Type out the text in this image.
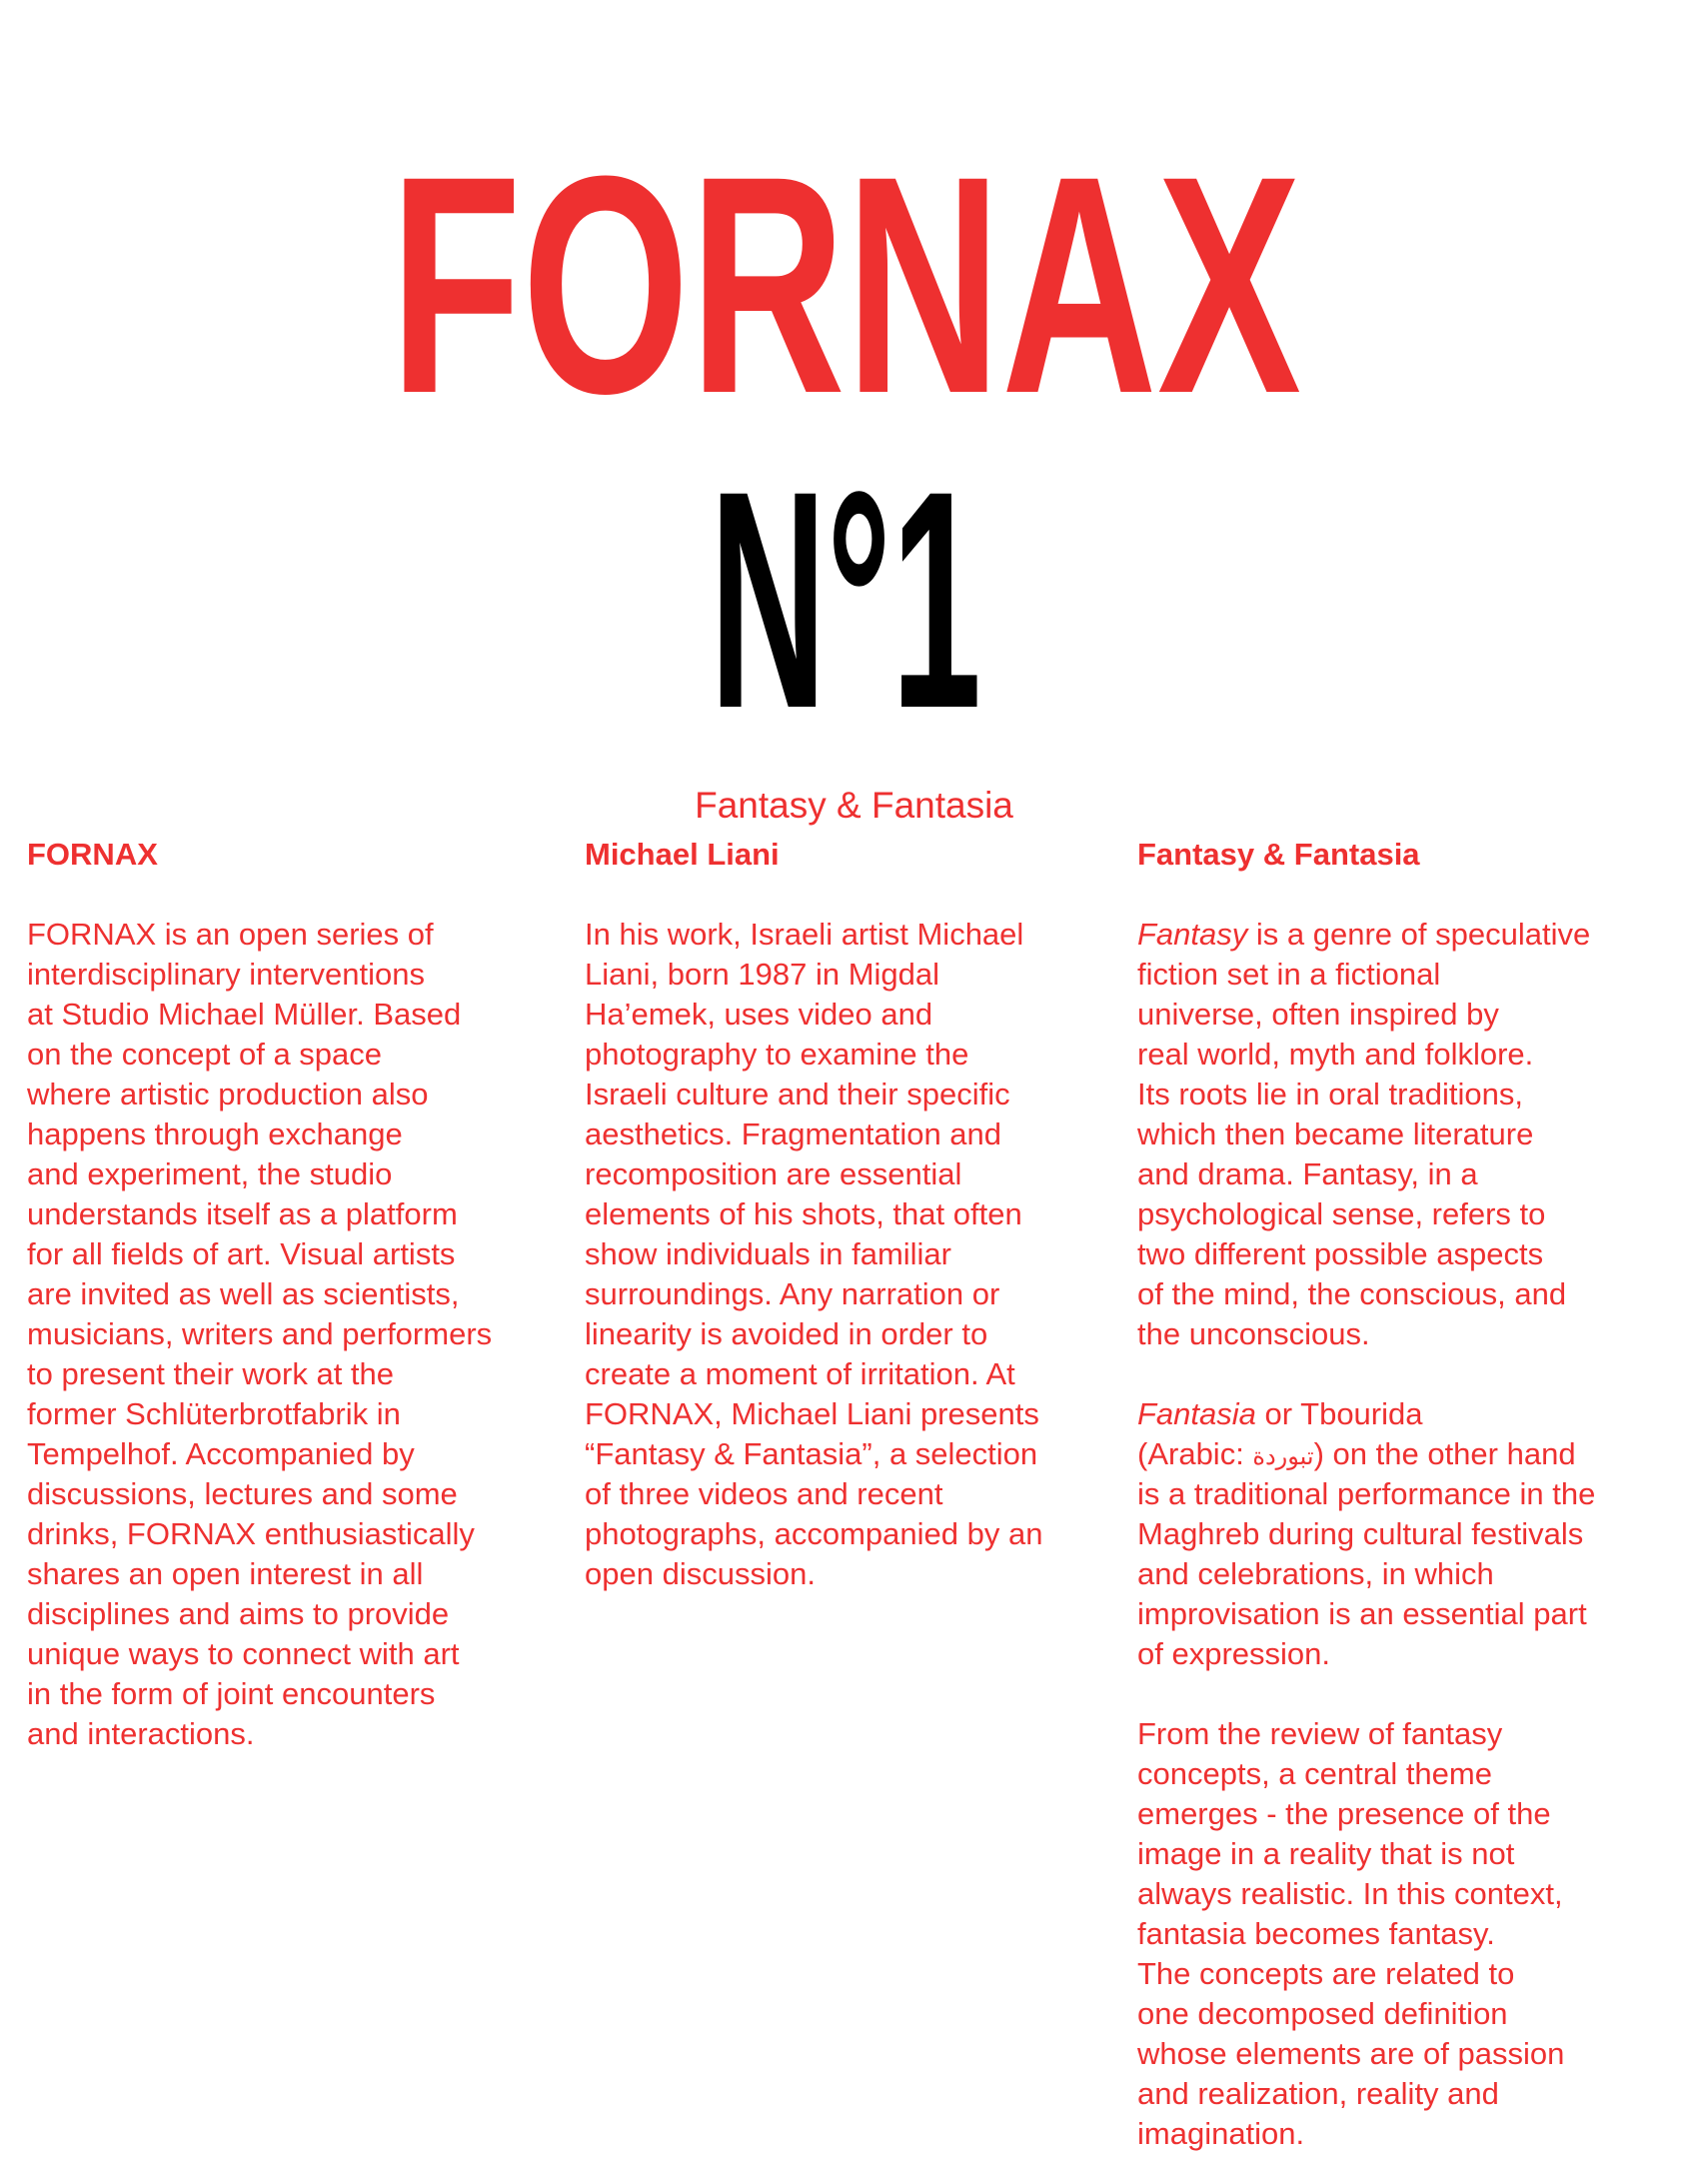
FORNAX
N°1
Fantasy & Fantasia
FORNAX
FORNAX is an open series of
interdisciplinary interventions
at Studio Michael Müller. Based
on the concept of a space
where artistic production also
happens through exchange
and experiment, the studio
understands itself as a platform
for all fields of art. Visual artists
are invited as well as scientists,
musicians, writers and performers
to present their work at the
former Schlüterbrotfabrik in
Tempelhof. Accompanied by
discussions, lectures and some
drinks, FORNAX enthusiastically
shares an open interest in all
disciplines and aims to provide
unique ways to connect with art
in the form of joint encounters
and interactions.
Michael Liani
In his work, Israeli artist Michael
Liani, born 1987 in Migdal
Ha’emek, uses video and
photography to examine the
Israeli culture and their specific
aesthetics. Fragmentation and
recomposition are essential
elements of his shots, that often
show individuals in familiar
surroundings. Any narration or
linearity is avoided in order to
create a moment of irritation. At
FORNAX, Michael Liani presents
“Fantasy & Fantasia”, a selection
of three videos and recent
photographs, accompanied by an
open discussion.
Fantasy & Fantasia
Fantasy is a genre of speculative
fiction set in a fictional
universe, often inspired by
real world, myth and folklore.
Its roots lie in oral traditions,
which then became literature
and drama. Fantasy, in a
psychological sense, refers to
two different possible aspects
of the mind, the conscious, and
the unconscious.
Fantasia or Tbourida
(Arabic: تبوردة) on the other hand
is a traditional performance in the
Maghreb during cultural festivals
and celebrations, in which
improvisation is an essential part
of expression.
From the review of fantasy
concepts, a central theme
emerges - the presence of the
image in a reality that is not
always realistic. In this context,
fantasia becomes fantasy.
The concepts are related to
one decomposed definition
whose elements are of passion
and realization, reality and
imagination.
